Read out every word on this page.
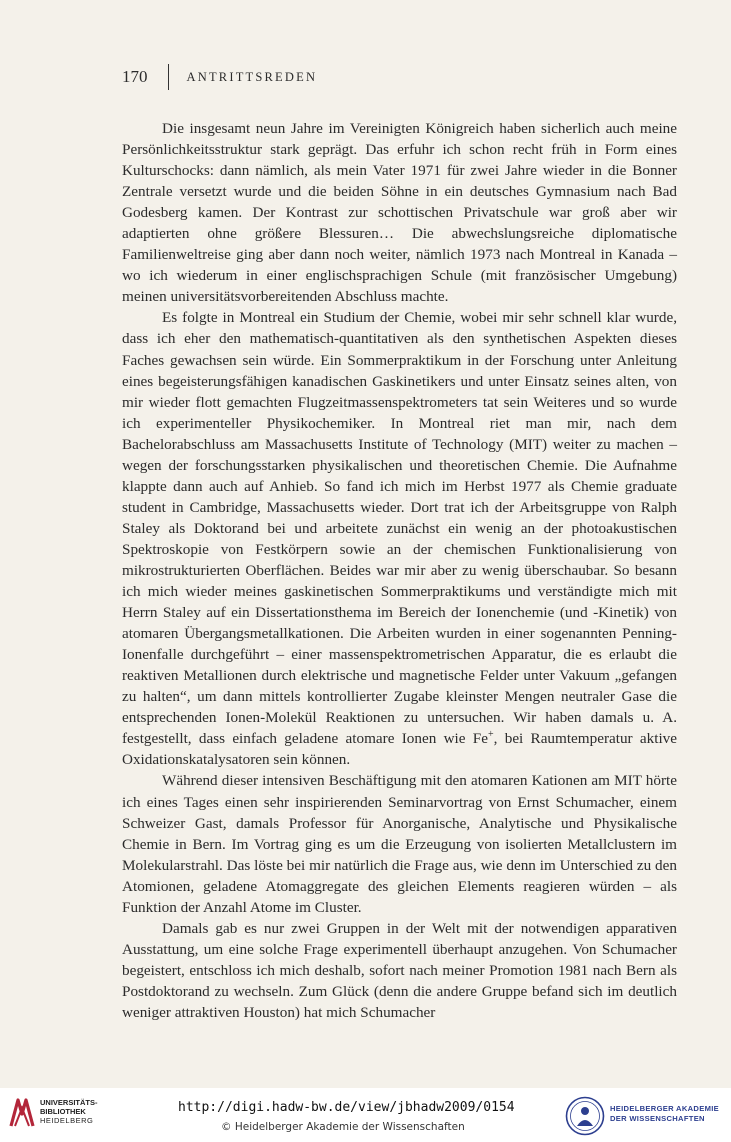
170	ANTRITTSREDEN

Die insgesamt neun Jahre im Vereinigten Königreich haben sicherlich auch meine Persönlichkeitsstruktur stark geprägt. Das erfuhr ich schon recht früh in Form eines Kulturschocks: dann nämlich, als mein Vater 1971 für zwei Jahre wieder in die Bonner Zentrale versetzt wurde und die beiden Söhne in ein deutsches Gymnasium nach Bad Godesberg kamen. Der Kontrast zur schottischen Privatschule war groß aber wir adaptierten ohne größere Blessuren… Die abwechslungsreiche diplomatische Familienweltreise ging aber dann noch weiter, nämlich 1973 nach Montreal in Kanada – wo ich wiederum in einer englischsprachigen Schule (mit französischer Umgebung) meinen universitätsvorbereitenden Abschluss machte.

Es folgte in Montreal ein Studium der Chemie, wobei mir sehr schnell klar wurde, dass ich eher den mathematisch-quantitativen als den synthetischen Aspekten dieses Faches gewachsen sein würde. Ein Sommerpraktikum in der Forschung unter Anleitung eines begeisterungsfähigen kanadischen Gaskinetikers und unter Einsatz seines alten, von mir wieder flott gemachten Flugzeitmassenspektrometers tat sein Weiteres und so wurde ich experimenteller Physikochemiker. In Montreal riet man mir, nach dem Bachelorabschluss am Massachusetts Institute of Technology (MIT) weiter zu machen – wegen der forschungsstarken physikalischen und theoretischen Chemie. Die Aufnahme klappte dann auch auf Anhieb. So fand ich mich im Herbst 1977 als Chemie graduate student in Cambridge, Massachusetts wieder. Dort trat ich der Arbeitsgruppe von Ralph Staley als Doktorand bei und arbeitete zunächst ein wenig an der photoakustischen Spektroskopie von Festkörpern sowie an der chemischen Funktionalisierung von mikrostrukturierten Oberflächen. Beides war mir aber zu wenig überschaubar. So besann ich mich wieder meines gaskinetischen Sommerpraktikums und verständigte mich mit Herrn Staley auf ein Dissertationsthema im Bereich der Ionenchemie (und -Kinetik) von atomaren Übergangsmetallkationen. Die Arbeiten wurden in einer sogenannten Penning-Ionenfalle durchgeführt – einer massenspektrometrischen Apparatur, die es erlaubt die reaktiven Metallionen durch elektrische und magnetische Felder unter Vakuum „gefangen zu halten“, um dann mittels kontrollierter Zugabe kleinster Mengen neutraler Gase die entsprechenden Ionen-Molekül Reaktionen zu untersuchen. Wir haben damals u. A. festgestellt, dass einfach geladene atomare Ionen wie Fe+, bei Raumtemperatur aktive Oxidationskatalysatoren sein können.

Während dieser intensiven Beschäftigung mit den atomaren Kationen am MIT hörte ich eines Tages einen sehr inspirierenden Seminarvortrag von Ernst Schumacher, einem Schweizer Gast, damals Professor für Anorganische, Analytische und Physikalische Chemie in Bern. Im Vortrag ging es um die Erzeugung von isolierten Metallclustern im Molekularstrahl. Das löste bei mir natürlich die Frage aus, wie denn im Unterschied zu den Atomionen, geladene Atomaggregate des gleichen Elements reagieren würden – als Funktion der Anzahl Atome im Cluster.

Damals gab es nur zwei Gruppen in der Welt mit der notwendigen apparativen Ausstattung, um eine solche Frage experimentell überhaupt anzugehen. Von Schumacher begeistert, entschloss ich mich deshalb, sofort nach meiner Promotion 1981 nach Bern als Postdoktorand zu wechseln. Zum Glück (denn die andere Gruppe befand sich im deutlich weniger attraktiven Houston) hat mich Schumacher

UNIVERSITÄTS-
BIBLIOTHEK
HEIDELBERG
http://digi.hadw-bw.de/view/jbhadw2009/0154
© Heidelberger Akademie der Wissenschaften
HEIDELBERGER AKADEMIE
DER WISSENSCHAFTEN
